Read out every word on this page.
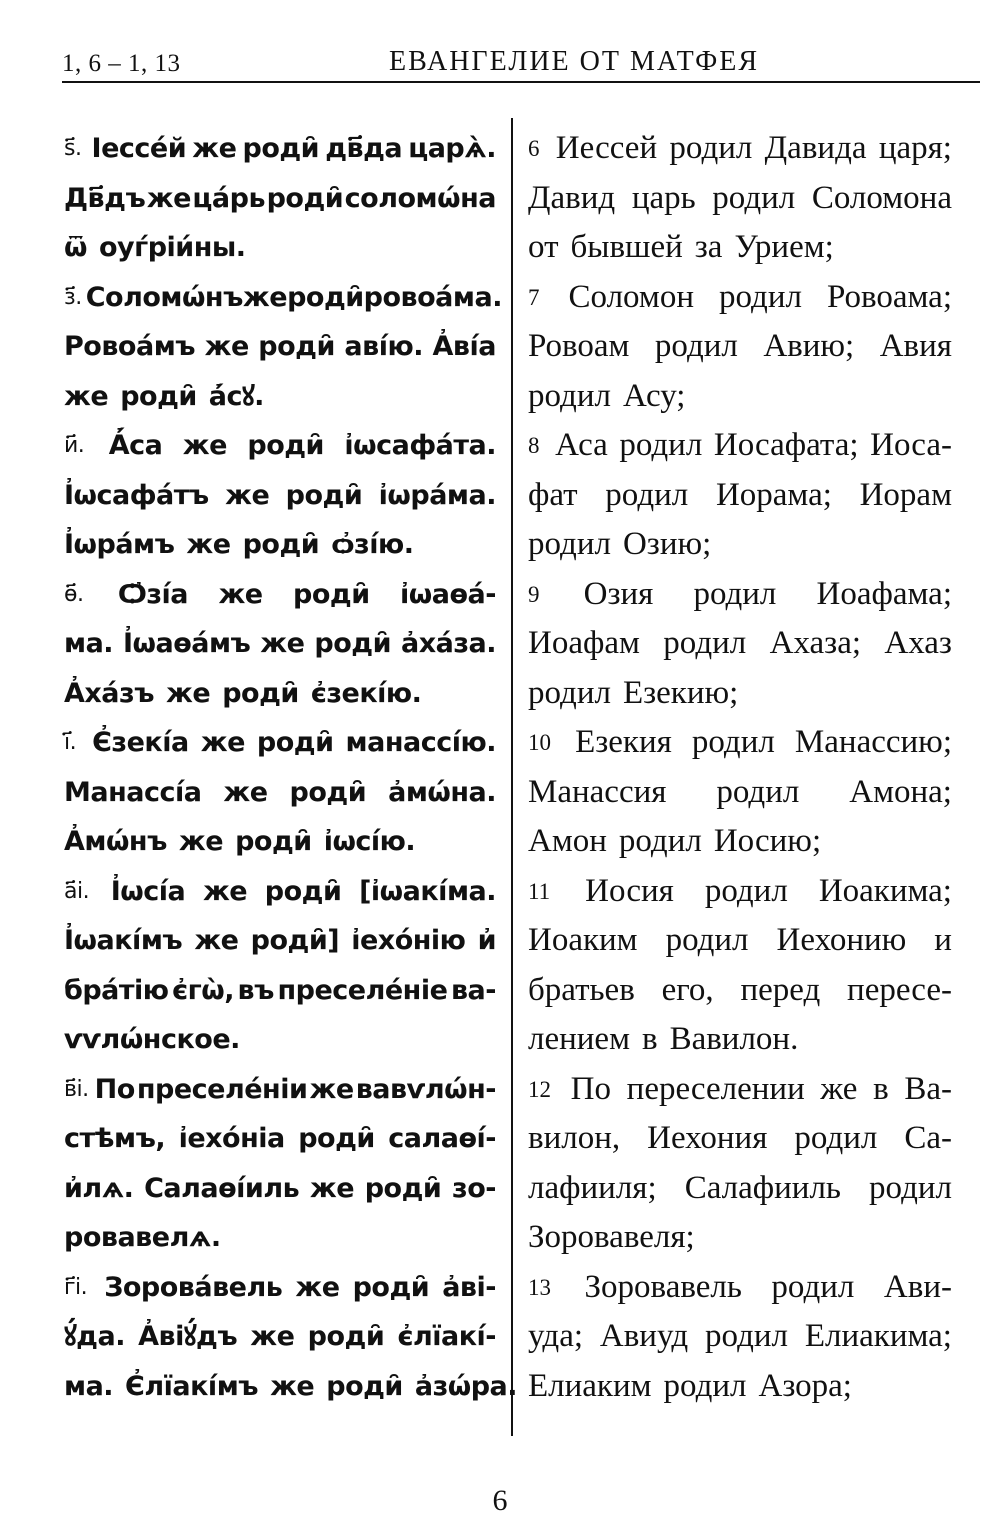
1, 6 – 1, 13	ЕВАНГЕЛИЕ ОТ МАТФЕЯ
ѕ҃. Іессе́й же роди̑ дв҃да царѧ̀.
Дв҃дъ же ца́рь роди̑ соломѡ́на
ѿ оуѓріи́ны.
з҃. Соломѡ́нъ же роди̑ ровоа́ма.
Ровоа́мъ же роди̑ аві́ю. А҆ві́а
же роди̑ а҆́сꙋ.
и҃. А҆́са же роди̑ і҆ѡсафа́та.
І҆ѡсафа́тъ же роди̑ і҆ѡра́ма.
І҆ѡра́мъ же роди̑ ѻ҆зі́ю.
ѳ҃. Ѻ҆зі́а же роди̑ і҆ѡаѳа́-
ма. І҆ѡаѳа́мъ же роди̑ а҆ха́за.
А҆ха́зъ же роди̑ є҆зекі́ю.
і҃. Є҆зекі́а же роди̑ манассі́ю.
Манассі́а же роди̑ а҆мѡ́на.
А҆мѡ́нъ же роди̑ і҆ѡсі́ю.
а҃і. І҆ѡсі́а же роди̑ [і҆ѡакі́ма.
І҆ѡакі́мъ же роди̑] і҆ехо́нію и҆
бра́тію є҆гѡ̀, въ преселе́ніе ва-
ѵѵлѡ́нское.
в҃і. По преселе́ніи же вавѵлѡ́н-
стѣмъ, і҆ехо́ніа роди̑ салаѳі́-
и҆лѧ. Салаѳі́иль же роди̑ зо-
ровавелѧ.
г҃і. Зорова́вель же роди̑ а҆ві-
ꙋ́да. А҆віꙋ́дъ же роди̑ є҆лїакі́-
ма. Є҆лїакі́мъ же роди̑ а҆зѡ́ра.
6 Иессей родил Давида царя;
Давид царь родил Соломона
от бывшей за Урием;
7 Соломон родил Ровоама;
Ровоам родил Авию; Авия
родил Асу;
8 Аса родил Иосафата; Иоса-
фат родил Иорама; Иорам
родил Озию;
9 Озия родил Иоафама;
Иоафам родил Ахаза; Ахаз
родил Езекию;
10 Езекия родил Манассию;
Манассия родил Амона;
Амон родил Иосию;
11 Иосия родил Иоакима;
Иоаким родил Иехонию и
братьев его, перед пересе-
лением в Вавилон.
12 По переселении же в Ва-
вилон, Иехония родил Са-
лафииля; Салафииль родил
Зоровавеля;
13 Зоровавель родил Ави-
уда; Авиуд родил Елиакима;
Елиаким родил Азора;
6
